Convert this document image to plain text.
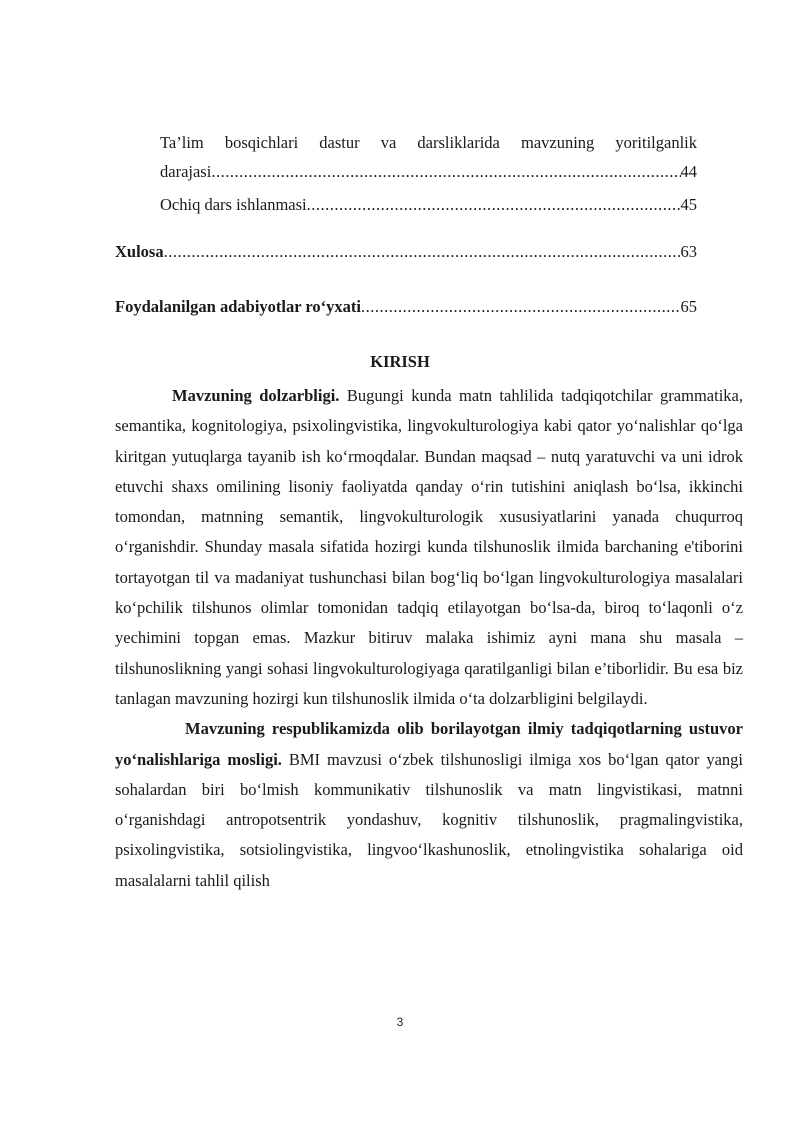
Ta’lim bosqichlari dastur va darsliklarida mavzuning yoritilganlik
darajasi .....	44
Ochiq dars ishlanmasi .....	45
Xulosa .....	63
Foydalanilgan adabiyotlar ro‘yxati .....	65
KIRISH

Mavzuning dolzarbligi. Bugungi kunda matn tahlilida tadqiqotchilar grammatika, semantika, kognitologiya, psixolingvistika, lingvokulturologiya kabi qator yo‘nalishlar qo‘lga kiritgan yutuqlarga tayanib ish ko‘rmoqdalar. Bundan maqsad – nutq yaratuvchi va uni idrok etuvchi shaxs omilining lisoniy faoliyatda qanday o‘rin tutishini aniqlash bo‘lsa, ikkinchi tomondan, matnning semantik, lingvokulturologik xususiyatlarini yanada chuqurroq o‘rganishdir. Shunday masala sifatida hozirgi kunda tilshunoslik ilmida barchaning e'tiborini tortayotgan til va madaniyat tushunchasi bilan bog‘liq bo‘lgan lingvokulturologiya masalalari ko‘pchilik tilshunos olimlar tomonidan tadqiq etilayotgan bo‘lsa-da, biroq to‘laqonli o‘z yechimini topgan emas. Mazkur bitiruv malaka ishimiz ayni mana shu masala – tilshunoslikning yangi sohasi lingvokulturologiyaga qaratilganligi bilan e’tiborlidir. Bu esa biz tanlagan mavzuning hozirgi kun tilshunoslik ilmida o‘ta dolzarbligini belgilaydi.

Mavzuning respublikamizda olib borilayotgan ilmiy tadqiqotlarning ustuvor yo‘nalishlariga mosligi. BMI mavzusi o‘zbek tilshunosligi ilmiga xos bo‘lgan qator yangi sohalardan biri bo‘lmish kommunikativ tilshunoslik va matn lingvistikasi, matnni o‘rganishdagi antropotsentrik yondashuv, kognitiv tilshunoslik, pragmalingvistika, psixolingvistika, sotsiolingvistika, lingvoo‘lkashunoslik, etnolingvistika sohalariga oid masalalarni tahlil qilish

3
